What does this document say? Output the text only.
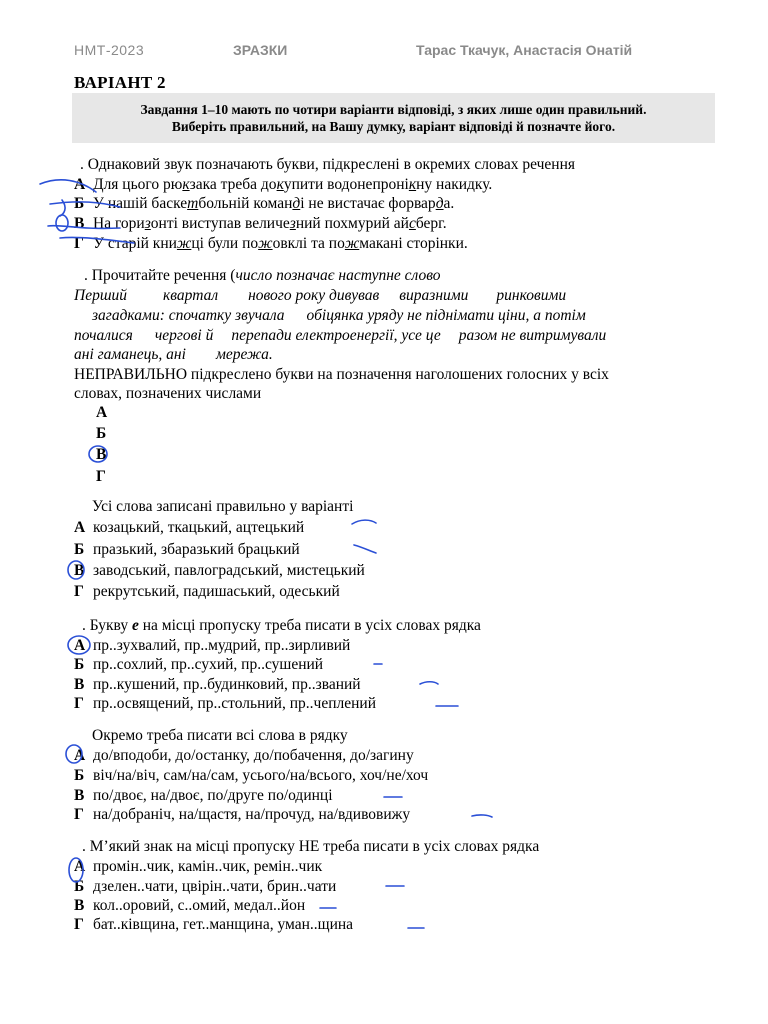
НМТ-2023	ЗРАЗКИ	Тарас Ткачук, Анастасія Онатій
ВАРІАНТ 2
Завдання 1–10 мають по чотири варіанти відповіді, з яких лише один правильний.
Виберіть правильний, на Вашу думку, варіант відповіді й позначте його.
. Однаковий звук позначають букви, підкреслені в окремих словах речення
А Для цього рюкзака треба докупити водонепронікну накидку.
Б У нашій баскетбольній команді не вистачає форварда.
В На горизонті виступав величезний похмурий айсберг.
Г У старій книжці були пожовклі та пожмакані сторінки.
. Прочитайте речення (число позначає наступне слово
Перший квартал нового року дивував виразними ринковими
загадками: спочатку звучала обіцянка уряду не піднімати ціни, а потім
почалися чергові й перепади електроенергії, усе це разом не витримували
ані гаманець, ані мережа.
НЕПРАВИЛЬНО підкреслено букви на позначення наголошених голосних у всіх
словах, позначених числами
А
Б
В
Г
Усі слова записані правильно у варіанті
А козацький, ткацький, ацтецький
Б празький, збаразький брацький
В заводський, павлоградський, мистецький
Г рекрутський, падишаський, одеський
. Букву е на місці пропуску треба писати в усіх словах рядка
А пр..зухвалий, пр..мудрий, пр..зирливий
Б пр..сохлий, пр..сухий, пр..сушений
В пр..кушений, пр..будинковий, пр..званий
Г пр..освящений, пр..стольний, пр..чеплений
Окремо треба писати всі слова в рядку
А до/вподоби, до/останку, до/побачення, до/загину
Б віч/на/віч, сам/на/сам, усього/на/всього, хоч/не/хоч
В по/двоє, на/двоє, по/друге по/одинці
Г на/добраніч, на/щастя, на/прочуд, на/вдивовижу
. М’який знак на місці пропуску НЕ треба писати в усіх словах рядка
А промін..чик, камін..чик, ремін..чик
Б дзелен..чати, цвірін..чати, брин..чати
В кол..оровий, с..омий, медал..йон
Г бат..ківщина, гет..манщина, уман..щина
